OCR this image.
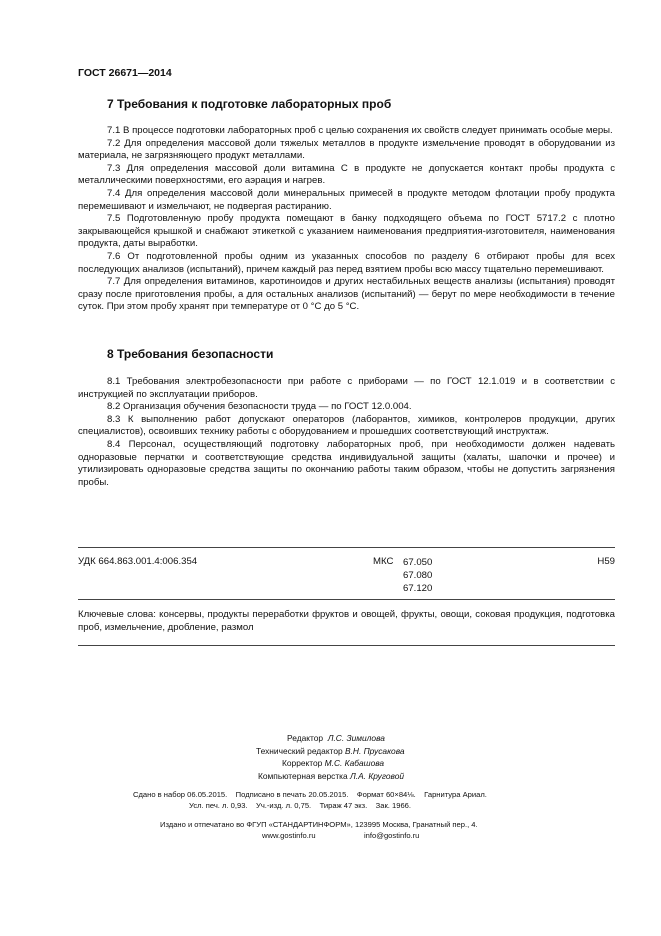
ГОСТ 26671—2014
7 Требования к подготовке лабораторных проб

7.1 В процессе подготовки лабораторных проб с целью сохранения их свойств следует принимать особые меры.

7.2 Для определения массовой доли тяжелых металлов в продукте измельчение проводят в оборудовании из материала, не загрязняющего продукт металлами.

7.3 Для определения массовой доли витамина С в продукте не допускается контакт пробы продукта с металлическими поверхностями, его аэрация и нагрев.

7.4 Для определения массовой доли минеральных примесей в продукте методом флотации пробу продукта перемешивают и измельчают, не подвергая растиранию.

7.5 Подготовленную пробу продукта помещают в банку подходящего объема по ГОСТ 5717.2 с плотно закрывающейся крышкой и снабжают этикеткой с указанием наименования предприятия-изготовителя, наименования продукта, даты выработки.

7.6 От подготовленной пробы одним из указанных способов по разделу 6 отбирают пробы для всех последующих анализов (испытаний), причем каждый раз перед взятием пробы всю массу тщательно перемешивают.

7.7 Для определения витаминов, каротиноидов и других нестабильных веществ анализы (испытания) проводят сразу после приготовления пробы, а для остальных анализов (испытаний) — берут по мере необходимости в течение суток. При этом пробу хранят при температуре от 0 °С до 5 °С.

8 Требования безопасности

8.1 Требования электробезопасности при работе с приборами — по ГОСТ 12.1.019 и в соответствии с инструкцией по эксплуатации приборов.

8.2 Организация обучения безопасности труда — по ГОСТ 12.0.004.

8.3 К выполнению работ допускают операторов (лаборантов, химиков, контролеров продукции, других специалистов), освоивших технику работы с оборудованием и прошедших соответствующий инструктаж.

8.4 Персонал, осуществляющий подготовку лабораторных проб, при необходимости должен надевать одноразовые перчатки и соответствующие средства индивидуальной защиты (халаты, шапочки и прочее) и утилизировать одноразовые средства защиты по окончанию работы таким образом, чтобы не допустить загрязнения пробы.

УДК 664.863.001.4:006.354	МКС 67.050
67.080
67.120
Н59

Ключевые слова: консервы, продукты переработки фруктов и овощей, фрукты, овощи, соковая продукция, подготовка проб, измельчение, дробление, размол

Редактор Л.С. Зимилова
Технический редактор В.Н. Прусакова
Корректор М.С. Кабашова
Компьютерная верстка Л.А. Круговой
Сдано в набор 06.05.2015.    Подписано в печать 20.05.2015.    Формат 60×84⅛.    Гарнитура Ариал.
Усл. печ. л. 0,93.    Уч.-изд. л. 0,75.    Тираж 47 экз.    Зак. 1966.
Издано и отпечатано во ФГУП «СТАНДАРТИНФОРМ», 123995 Москва, Гранатный пер., 4.
www.gostinfo.ru	info@gostinfo.ru
